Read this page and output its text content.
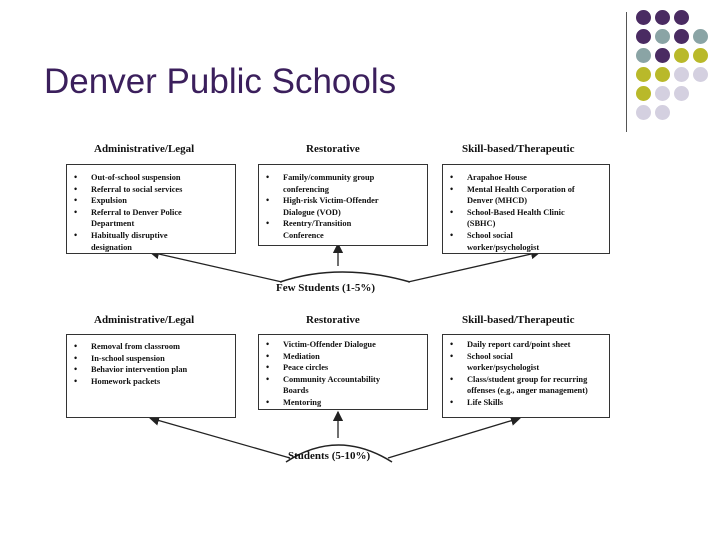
Denver Public Schools
Administrative/Legal	Restorative	Skill-based/Therapeutic
• Out-of-school suspension
• Referral to social services
• Expulsion
• Referral to Denver Police Department
• Habitually disruptive designation
• Family/community group conferencing
• High-risk Victim-Offender Dialogue (VOD)
• Reentry/Transition Conference
• Arapahoe House
• Mental Health Corporation of Denver (MHCD)
• School-Based Health Clinic (SBHC)
• School social worker/psychologist
Few Students (1-5%)
Administrative/Legal	Restorative	Skill-based/Therapeutic
• Removal from classroom
• In-school suspension
• Behavior intervention plan
• Homework packets
• Victim-Offender Dialogue
• Mediation
• Peace circles
• Community Accountability Boards
• Mentoring
• Daily report card/point sheet
• School social worker/psychologist
• Class/student group for recurring offenses (e.g., anger management)
• Life Skills
Students (5-10%)
